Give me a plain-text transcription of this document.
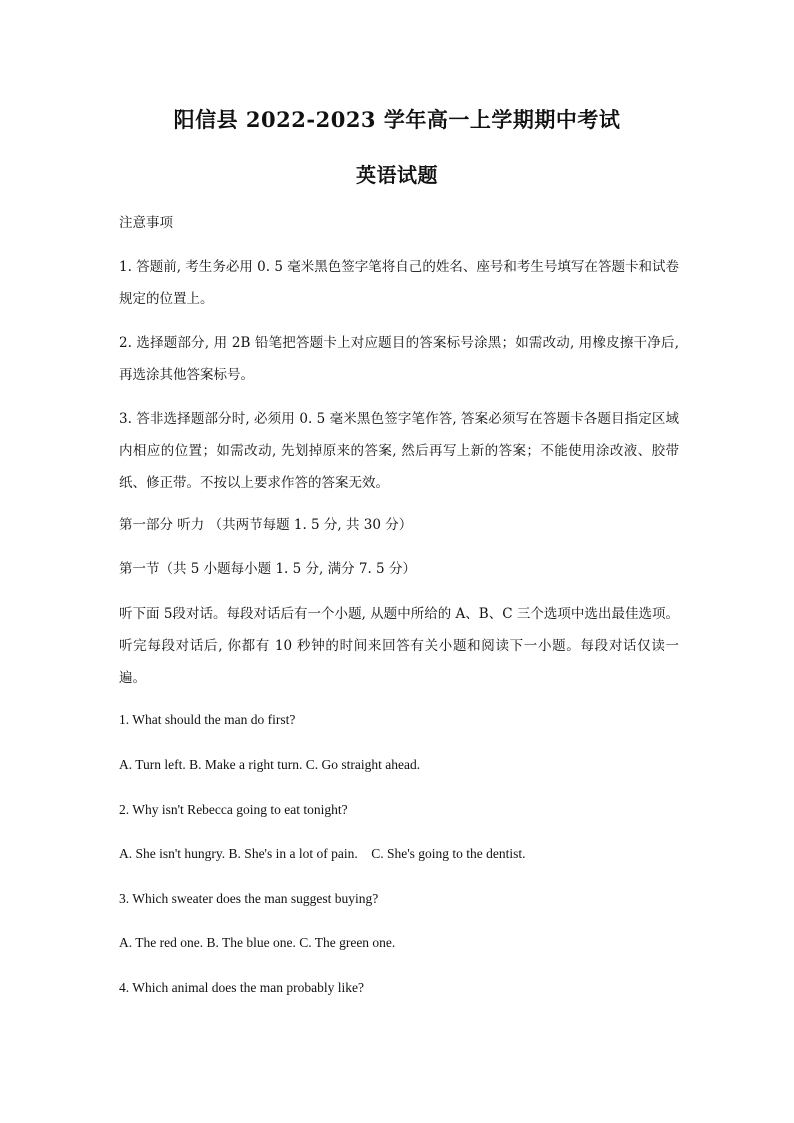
阳信县 2022-2023 学年高一上学期期中考试
英语试题
注意事项
1. 答题前, 考生务必用 0. 5 毫米黑色签字笔将自己的姓名、座号和考生号填写在答题卡和试卷规定的位置上。
2. 选择题部分, 用 2B 铅笔把答题卡上对应题目的答案标号涂黑；如需改动, 用橡皮擦干净后, 再选涂其他答案标号。
3. 答非选择题部分时, 必须用 0. 5 毫米黑色签字笔作答, 答案必须写在答题卡各题目指定区域内相应的位置；如需改动, 先划掉原来的答案, 然后再写上新的答案；不能使用涂改液、胶带纸、修正带。不按以上要求作答的答案无效。
第一部分 听力 （共两节每题 1. 5 分, 共 30 分）
第一节（共 5 小题每小题 1. 5 分, 满分 7. 5 分）
听下面 5段对话。每段对话后有一个小题, 从题中所给的 A、B、C 三个选项中选出最佳选项。听完每段对话后, 你都有 10 秒钟的时间来回答有关小题和阅读下一小题。每段对话仅读一遍。
1. What should the man do first?
A. Turn left. B. Make a right turn. C. Go straight ahead.
2. Why isn't Rebecca going to eat tonight?
A. She isn't hungry. B. She's in a lot of pain.    C. She's going to the dentist.
3. Which sweater does the man suggest buying?
A. The red one. B. The blue one. C. The green one.
4. Which animal does the man probably like?
